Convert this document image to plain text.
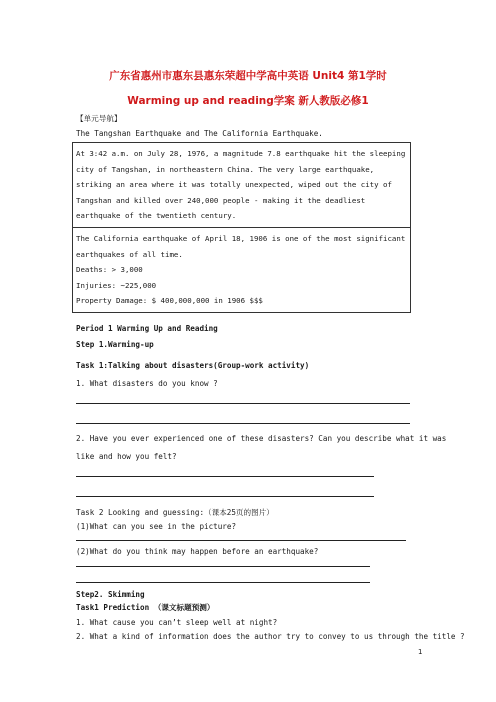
广东省惠州市惠东县惠东荣超中学高中英语 Unit4 第1学时
Warming up and reading学案 新人教版必修1
【单元导航】
The Tangshan Earthquake and The California Earthquake.
At 3:42 a.m. on July 28, 1976, a magnitude 7.8 earthquake hit the sleeping city of Tangshan, in northeastern China. The very large earthquake, striking an area where it was totally unexpected, wiped out the city of Tangshan and killed over 240,000 people - making it the deadliest earthquake of the twentieth century.
The California earthquake of April 18, 1906 is one of the most significant earthquakes of all time.
Deaths: > 3,000
Injuries: ~225,000
Property Damage: $ 400,000,000 in 1906 $$$
Period 1 Warming Up and Reading
Step 1.Warming-up
Task 1:Talking about disasters(Group-work activity)
1. What disasters do you know ?
2. Have you ever experienced one of these disasters? Can you describe what it was
like and how you felt?
Task 2 Looking and guessing:（课本25页的图片）
(1)What can you see in the picture?
(2)What do you think may happen before an earthquake?
Step2. Skimming
Task1 Prediction （课文标题预测）
1. What cause you can’t sleep well at night?
2. What a kind of information does the author try to convey to us through the title ?
1
